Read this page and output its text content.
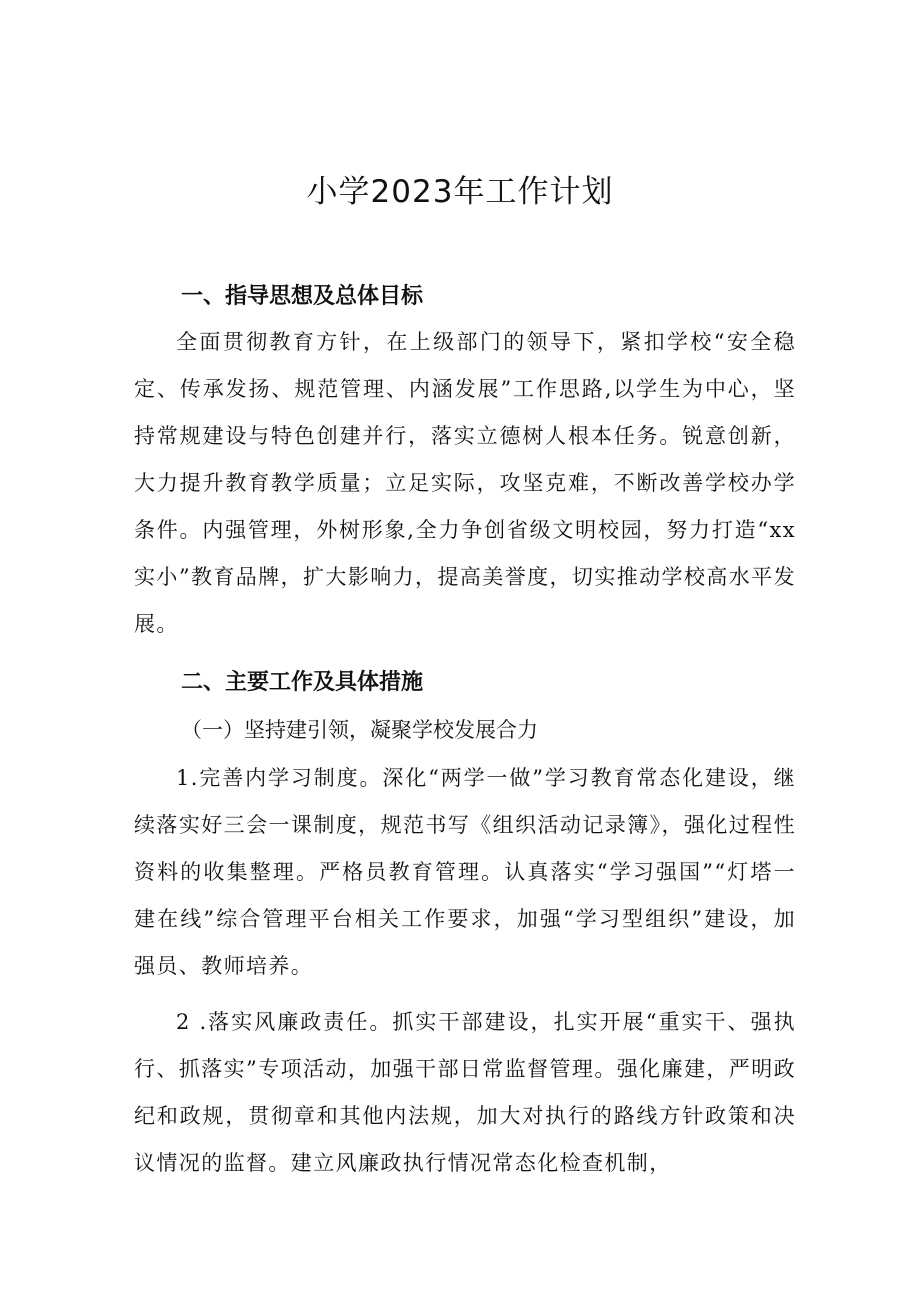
小学2023年工作计划
一、指导思想及总体目标

全面贯彻教育方针，在上级部门的领导下，紧扣学校“安全稳定、传承发扬、规范管理、内涵发展”工作思路,以学生为中心，坚持常规建设与特色创建并行，落实立德树人根本任务。锐意创新，大力提升教育教学质量；立足实际，攻坚克难，不断改善学校办学条件。内强管理，外树形象,全力争创省级文明校园，努力打造“xx实小”教育品牌，扩大影响力，提高美誉度，切实推动学校高水平发展。

二、主要工作及具体措施
（一）坚持建引领，凝聚学校发展合力

1.完善内学习制度。深化“两学一做”学习教育常态化建设，继续落实好三会一课制度，规范书写《组织活动记录簿》，强化过程性资料的收集整理。严格员教育管理。认真落实“学习强国”“灯塔一建在线”综合管理平台相关工作要求，加强“学习型组织”建设，加强员、教师培养。

2 .落实风廉政责任。抓实干部建设，扎实开展“重实干、强执行、抓落实”专项活动，加强干部日常监督管理。强化廉建，严明政纪和政规，贯彻章和其他内法规，加大对执行的路线方针政策和决议情况的监督。建立风廉政执行情况常态化检查机制，
